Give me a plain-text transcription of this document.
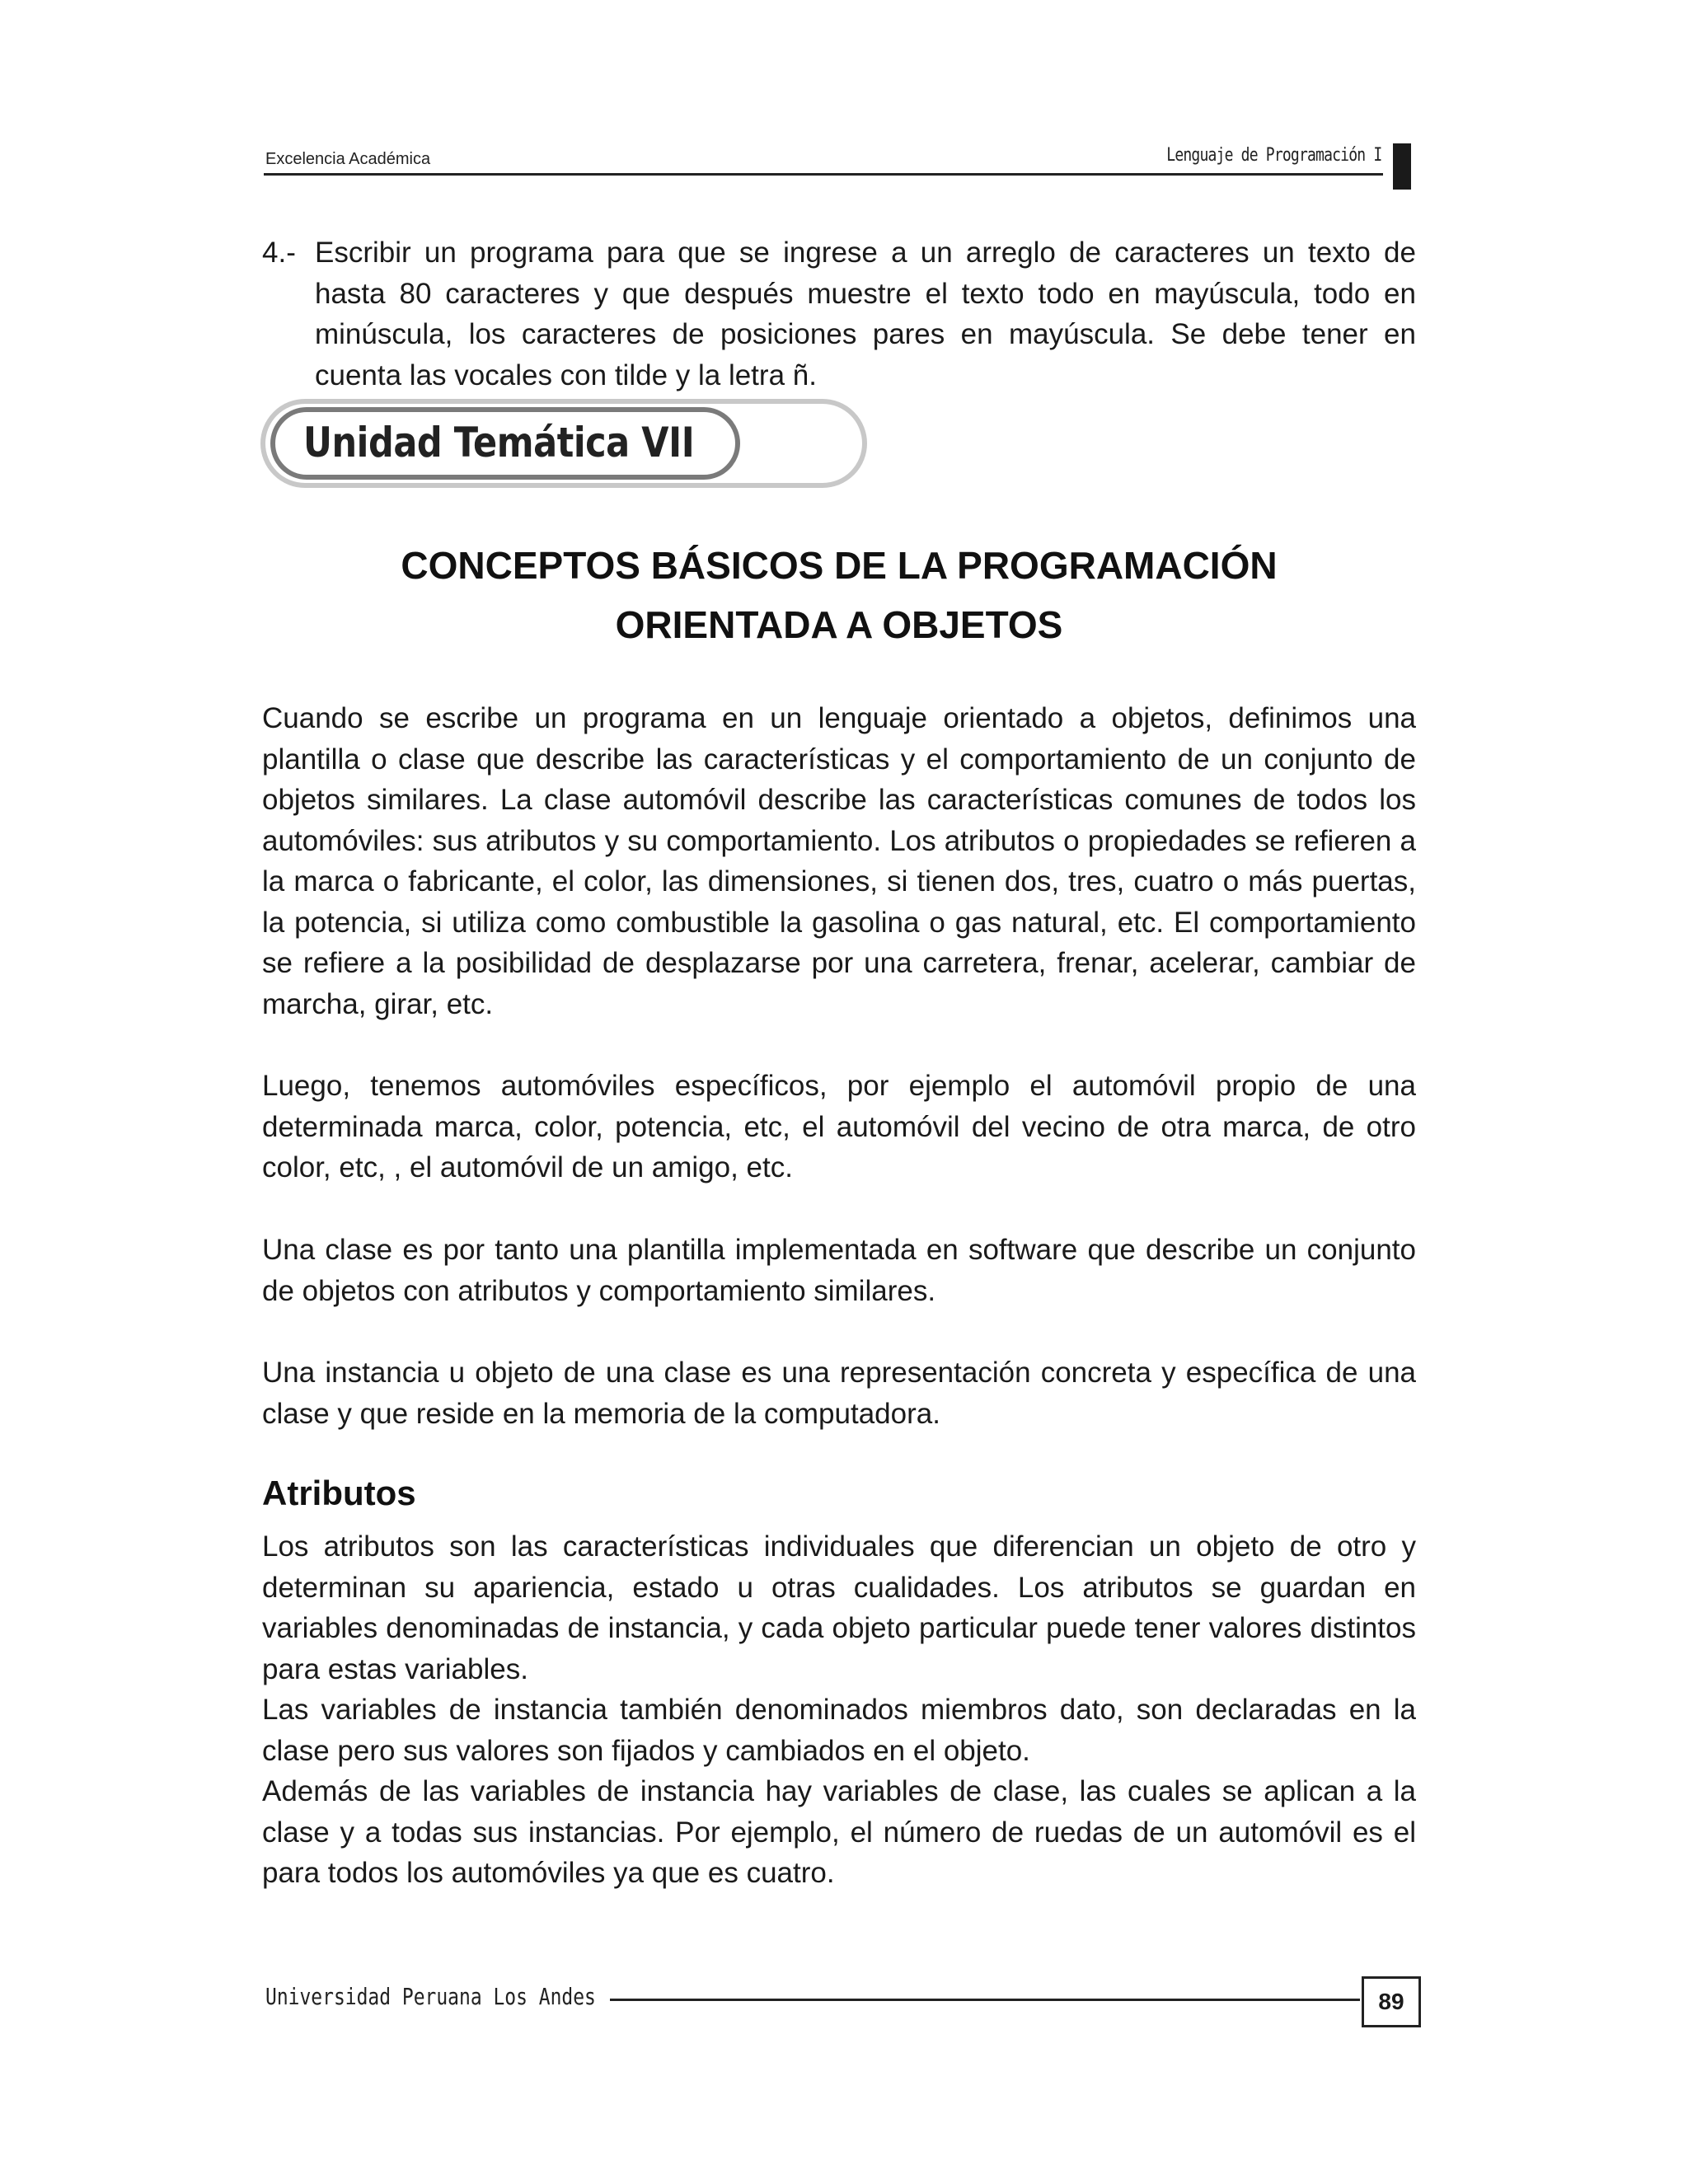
Excelencia Académica	Lenguaje de Programación I
4.- Escribir un programa para que se ingrese a un arreglo de caracteres un texto de hasta 80 caracteres y que después muestre el texto todo en mayúscula, todo en minúscula, los caracteres de posiciones pares en mayúscula. Se debe tener en cuenta las vocales con tilde y la letra ñ.
Unidad Temática VII
CONCEPTOS BÁSICOS DE LA PROGRAMACIÓN
ORIENTADA A OBJETOS

Cuando se escribe un programa en un lenguaje orientado a objetos, definimos una plantilla o clase que describe las características y el comportamiento de un conjunto de objetos similares. La clase automóvil describe las características comunes de todos los automóviles: sus atributos y su comportamiento. Los atributos o propiedades se refieren a la marca o fabricante, el color, las dimensiones, si tienen dos, tres, cuatro o más puertas, la potencia, si utiliza como combustible la gasolina o gas natural, etc. El comportamiento se refiere a la posibilidad de desplazarse por una carretera, frenar, acelerar, cambiar de marcha, girar, etc.

Luego, tenemos automóviles específicos, por ejemplo el automóvil propio de una determinada marca, color, potencia, etc, el automóvil del vecino de otra marca, de otro color, etc, , el automóvil de un amigo, etc.

Una clase es por tanto una plantilla implementada en software que describe un conjunto de objetos con atributos y comportamiento similares.

Una instancia u objeto de una clase es una representación concreta y específica de una clase y que reside en la memoria de la computadora.

Atributos

Los atributos son las características individuales que diferencian un objeto de otro y determinan su apariencia, estado u otras cualidades. Los atributos se guardan en variables denominadas de instancia, y cada objeto particular puede tener valores distintos para estas variables.

Las variables de instancia también denominados miembros dato, son declaradas en la clase pero sus valores son fijados y cambiados en el objeto.

Además de las variables de instancia hay variables de clase, las cuales se aplican a la clase y a todas sus instancias. Por ejemplo, el número de ruedas de un automóvil es el para todos los automóviles ya que es cuatro.

Universidad Peruana Los Andes	89
